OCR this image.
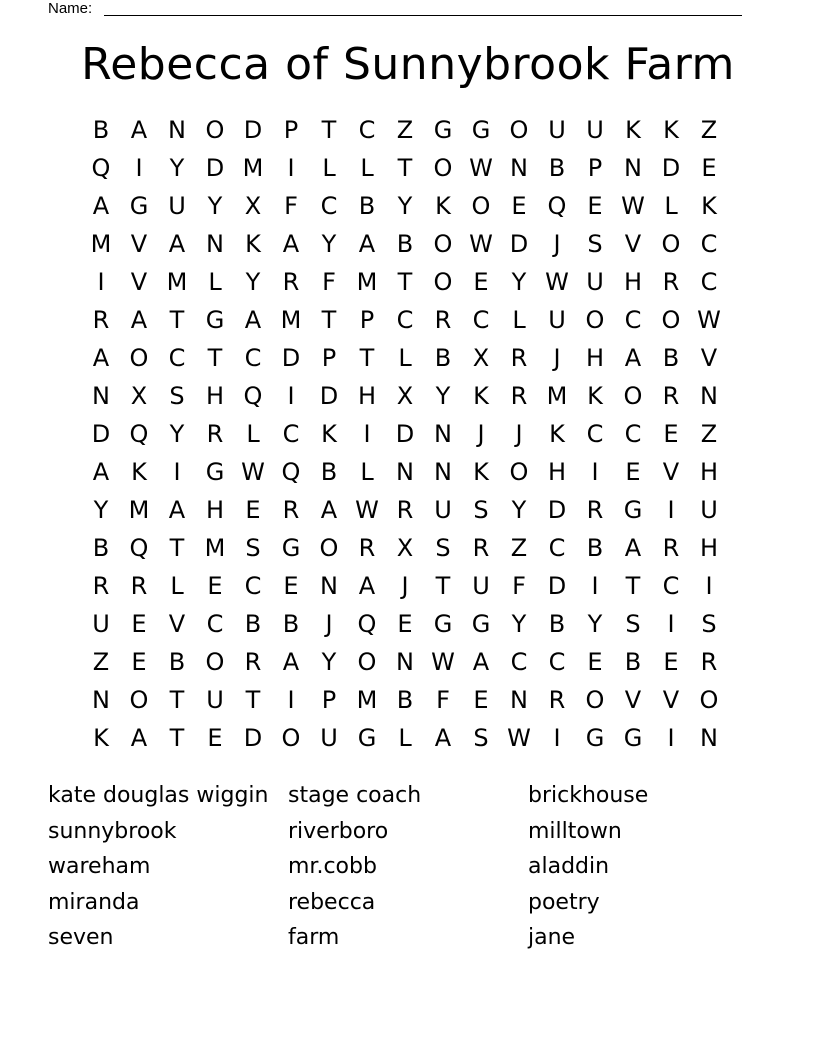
Name:
Rebecca of Sunnybrook Farm
B A N O D P T C Z G G O U U K K Z
Q	I	Y D M	I	L	L T O W N B P N D E
A G U Y X F C B Y K O E Q E W L K
M V A N K A Y A B O W D	J	S V O C
I	V M L Y R F M T O E Y W U H R C
R A T G A M T P C R C L U O C O W
A O C T C D P T L B X R	J	H A B V
N X S H Q	I	D H X Y K R M K O R N
D Q Y R L C K	I	D N	J	J	K C C E Z
A K	I	G W Q B L N N K O H	I	E V H
Y M A H E R A W R U S Y D R G	I	U
B Q T M S G O R X S R Z C B A R H
R R L E C E N A	J	T U F D	I	T C	I
U E V C B B	J	Q E G G Y B Y S	I	S
Z E B O R A Y O N W A C C E B E R
N O T U T	I	P M B F E N R O V V O
K A T E D O U G L A S W I	G G	I	N
kate douglas wiggin
sunnybrook
wareham
miranda
seven
stage coach
riverboro
mr.cobb
rebecca
farm
brickhouse
milltown
aladdin
poetry
jane
